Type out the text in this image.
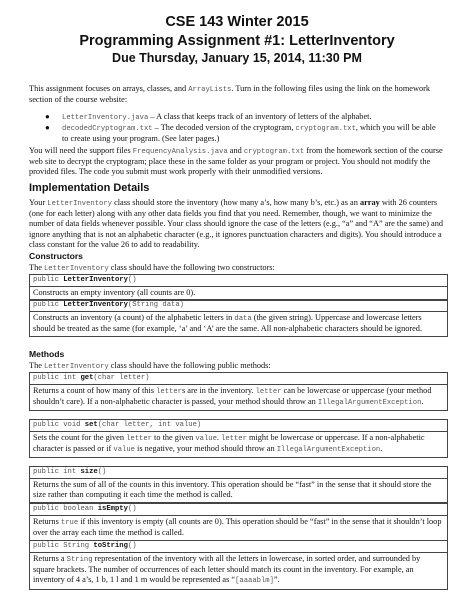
CSE 143 Winter 2015
Programming Assignment #1: LetterInventory
Due Thursday, January 15, 2014, 11:30 PM
This assignment focuses on arrays, classes, and ArrayLists. Turn in the following files using the link on the homework section of the course website:
● LetterInventory.java – A class that keeps track of an inventory of letters of the alphabet.
● decodedCryptogram.txt – The decoded version of the cryptogram, cryptogram.txt, which you will be able to create using your program. (See later pages.)
You will need the support files FrequencyAnalysis.java and cryptogram.txt from the homework section of the course web site to decrypt the cryptogram; place these in the same folder as your program or project. You should not modify the provided files. The code you submit must work properly with their unmodified versions.
Implementation Details
Your LetterInventory class should store the inventory (how many a’s, how many b’s, etc.) as an array with 26 counters (one for each letter) along with any other data fields you find that you need. Remember, though, we want to minimize the number of data fields whenever possible. Your class should ignore the case of the letters (e.g., “a” and “A” are the same) and ignore anything that is not an alphabetic character (e.g., it ignores punctuation characters and digits). You should introduce a class constant for the value 26 to add to readability.
Constructors
The LetterInventory class should have the following two constructors:
public LetterInventory()
Constructs an empty inventory (all counts are 0).
public LetterInventory(String data)
Constructs an inventory (a count) of the alphabetic letters in data (the given string). Uppercase and lowercase letters should be treated as the same (for example, ‘a’ and ‘A’ are the same. All non-alphabetic characters should be ignored.
Methods
The LetterInventory class should have the following public methods:
public int get(char letter)
Returns a count of how many of this letters are in the inventory. letter can be lowercase or uppercase (your method shouldn’t care). If a non-alphabetic character is passed, your method should throw an IllegalArgumentException.
public void set(char letter, int value)
Sets the count for the given letter to the given value. letter might be lowercase or uppercase. If a non-alphabetic character is passed or if value is negative, your method should throw an IllegalArgumentException.
public int size()
Returns the sum of all of the counts in this inventory. This operation should be “fast” in the sense that it should store the size rather than computing it each time the method is called.
public boolean isEmpty()
Returns true if this inventory is empty (all counts are 0). This operation should be “fast” in the sense that it shouldn’t loop over the array each time the method is called.
public String toString()
Returns a String representation of the inventory with all the letters in lowercase, in sorted order, and surrounded by square brackets. The number of occurrences of each letter should match its count in the inventory. For example, an inventory of 4 a’s, 1 b, 1 l and 1 m would be represented as “[aaaablm]”.
